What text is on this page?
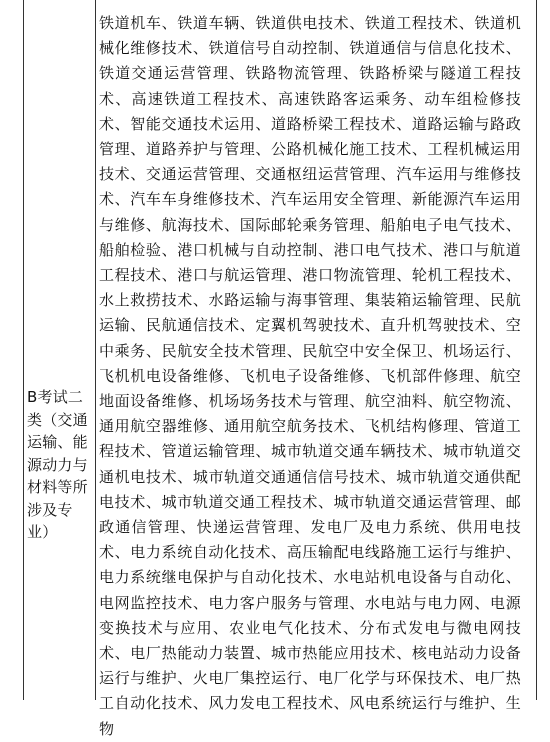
B考试二类（交通运输、能源动力与材料等所涉及专业）
铁道机车、铁道车辆、铁道供电技术、铁道工程技术、铁道机械化维修技术、铁道信号自动控制、铁道通信与信息化技术、铁道交通运营管理、铁路物流管理、铁路桥梁与隧道工程技术、高速铁道工程技术、高速铁路客运乘务、动车组检修技术、智能交通技术运用、道路桥梁工程技术、道路运输与路政管理、道路养护与管理、公路机械化施工技术、工程机械运用技术、交通运营管理、交通枢纽运营管理、汽车运用与维修技术、汽车车身维修技术、汽车运用安全管理、新能源汽车运用与维修、航海技术、国际邮轮乘务管理、船舶电子电气技术、船舶检验、港口机械与自动控制、港口电气技术、港口与航道工程技术、港口与航运管理、港口物流管理、轮机工程技术、水上救捞技术、水路运输与海事管理、集装箱运输管理、民航运输、民航通信技术、定翼机驾驶技术、直升机驾驶技术、空中乘务、民航安全技术管理、民航空中安全保卫、机场运行、飞机机电设备维修、飞机电子设备维修、飞机部件修理、航空地面设备维修、机场场务技术与管理、航空油料、航空物流、通用航空器维修、通用航空航务技术、飞机结构修理、管道工程技术、管道运输管理、城市轨道交通车辆技术、城市轨道交通机电技术、城市轨道交通通信信号技术、城市轨道交通供配电技术、城市轨道交通工程技术、城市轨道交通运营管理、邮政通信管理、快递运营管理、发电厂及电力系统、供用电技术、电力系统自动化技术、高压输配电线路施工运行与维护、电力系统继电保护与自动化技术、水电站机电设备与自动化、电网监控技术、电力客户服务与管理、水电站与电力网、电源变换技术与应用、农业电气化技术、分布式发电与微电网技术、电厂热能动力装置、城市热能应用技术、核电站动力设备运行与维护、火电厂集控运行、电厂化学与环保技术、电厂热工自动化技术、风力发电工程技术、风电系统运行与维护、生物
